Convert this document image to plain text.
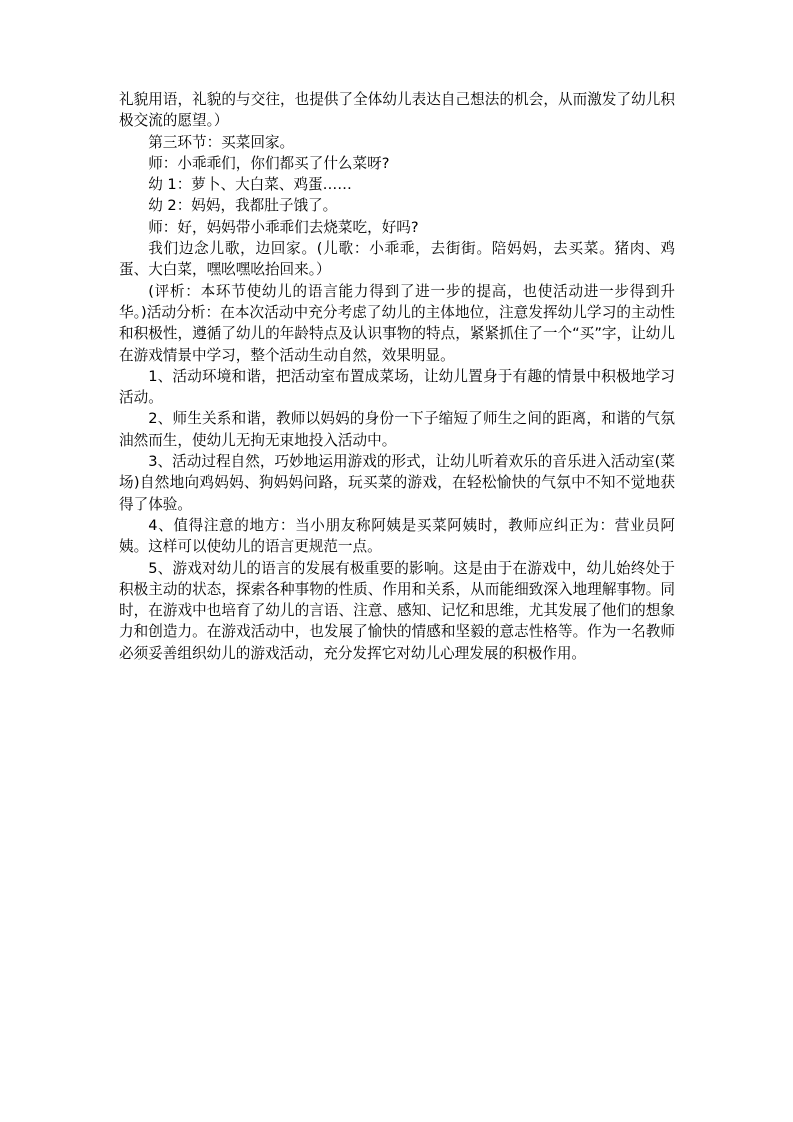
礼貌用语，礼貌的与交往，也提供了全体幼儿表达自己想法的机会，从而激发了幼儿积极交流的愿望。）

第三环节：买菜回家。

师：小乖乖们，你们都买了什么菜呀?

幼 1：萝卜、大白菜、鸡蛋……

幼 2：妈妈，我都肚子饿了。

师：好，妈妈带小乖乖们去烧菜吃，好吗?

我们边念儿歌，边回家。(儿歌：小乖乖，去街街。陪妈妈，去买菜。猪肉、鸡蛋、大白菜，嘿吆嘿吆抬回来。）

(评析：本环节使幼儿的语言能力得到了进一步的提高，也使活动进一步得到升华。)活动分析：在本次活动中充分考虑了幼儿的主体地位，注意发挥幼儿学习的主动性和积极性，遵循了幼儿的年龄特点及认识事物的特点，紧紧抓住了一个“买”字，让幼儿在游戏情景中学习，整个活动生动自然，效果明显。

1、活动环境和谐，把活动室布置成菜场，让幼儿置身于有趣的情景中积极地学习活动。

2、师生关系和谐，教师以妈妈的身份一下子缩短了师生之间的距离，和谐的气氛油然而生，使幼儿无拘无束地投入活动中。

3、活动过程自然，巧妙地运用游戏的形式，让幼儿听着欢乐的音乐进入活动室(菜场)自然地向鸡妈妈、狗妈妈问路，玩买菜的游戏，在轻松愉快的气氛中不知不觉地获得了体验。

4、值得注意的地方：当小朋友称阿姨是买菜阿姨时，教师应纠正为：营业员阿姨。这样可以使幼儿的语言更规范一点。

5、游戏对幼儿的语言的发展有极重要的影响。这是由于在游戏中，幼儿始终处于积极主动的状态，探索各种事物的性质、作用和关系，从而能细致深入地理解事物。同时，在游戏中也培育了幼儿的言语、注意、感知、记忆和思维，尤其发展了他们的想象力和创造力。在游戏活动中，也发展了愉快的情感和坚毅的意志性格等。作为一名教师必须妥善组织幼儿的游戏活动，充分发挥它对幼儿心理发展的积极作用。
